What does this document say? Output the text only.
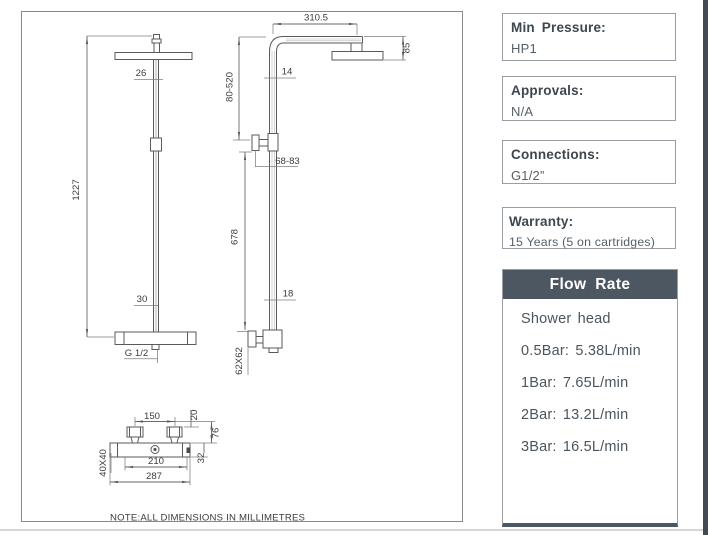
1227
26
30
G 1/2
310.5
85
14
80-520
68-83
678
18
62X62
150	20
76
32
40X40	210
287
NOTE:ALL DIMENSIONS IN MILLIMETRES
Min Pressure:
HP1
Approvals:
N/A
Connections:
G1/2”
Warranty:
15 Years (5 on cartridges)
Flow Rate
Shower head
0.5Bar: 5.38L/min
1Bar: 7.65L/min
2Bar: 13.2L/min
3Bar: 16.5L/min
